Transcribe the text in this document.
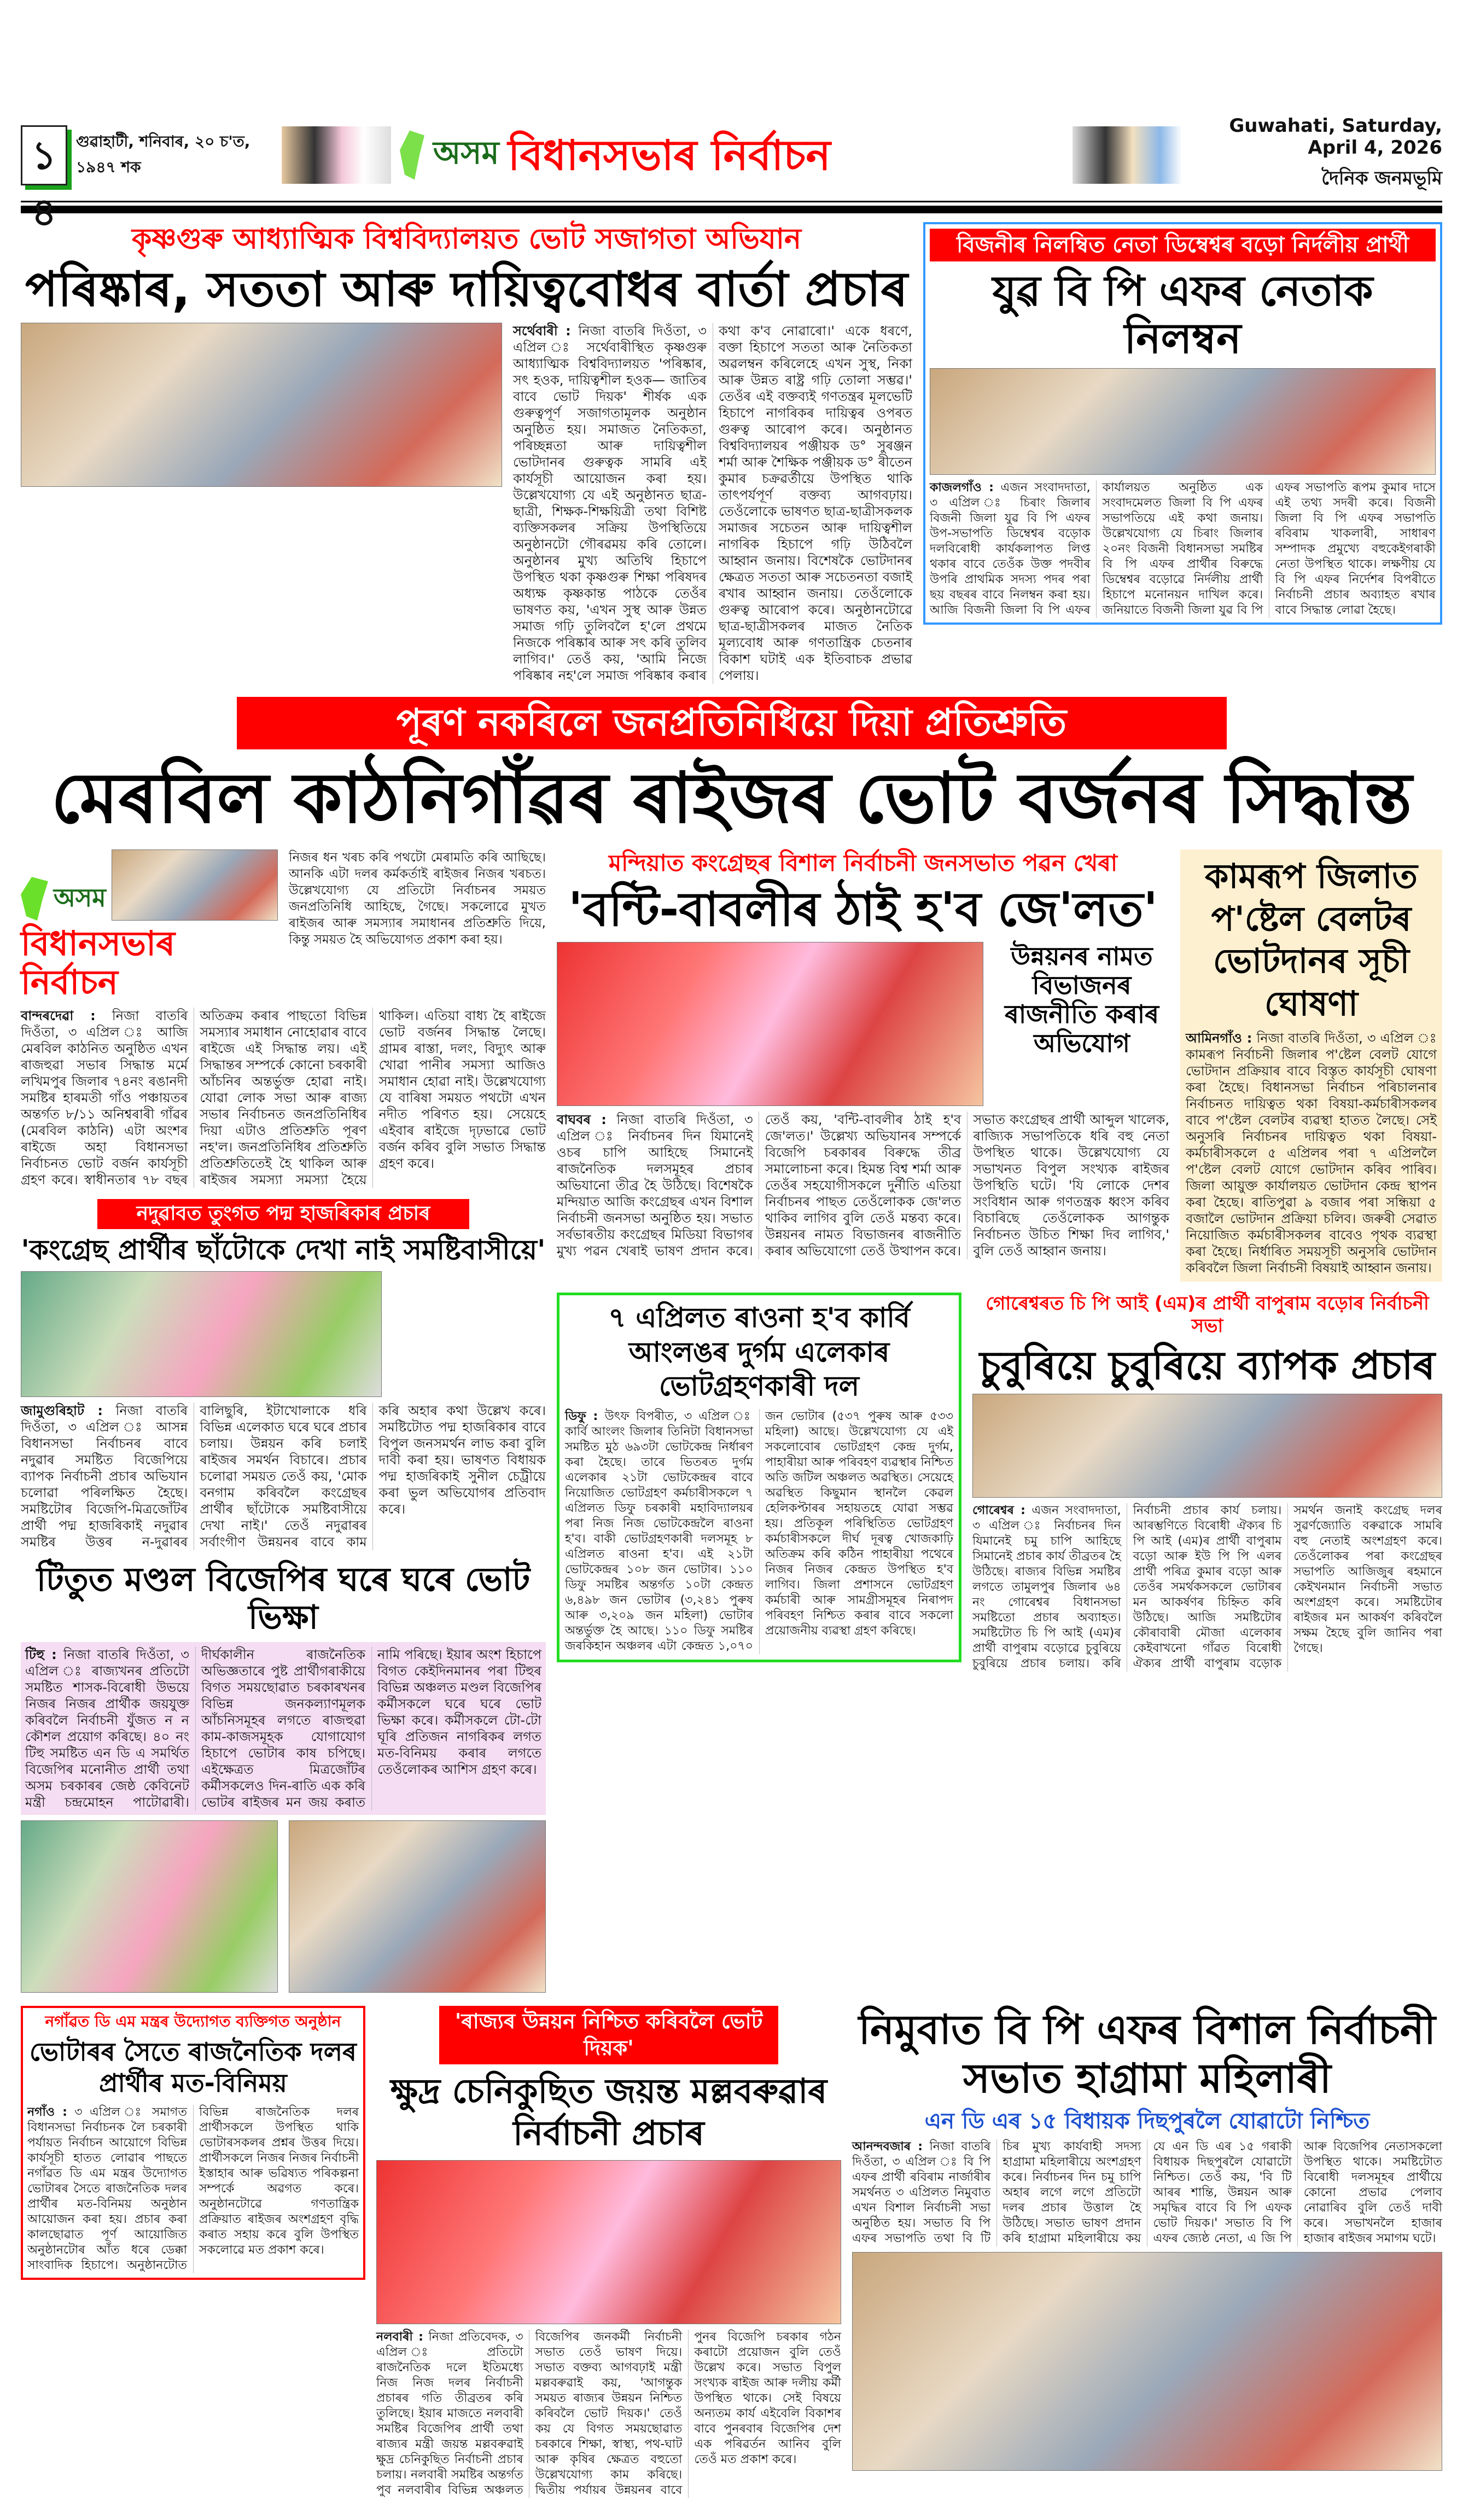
১৪
গুৱাহাটী, শনিবাৰ, ২০ চ'ত, ১৯৪৭ শক	অসম বিধানসভাৰ নিৰ্বাচন
Guwahati, Saturday, April 4, 2026
দৈনিক জনমভূমি
কৃষ্ণগুৰু আধ্যাত্মিক বিশ্ববিদ্যালয়ত ভোট সজাগতা অভিযান
পৰিষ্কাৰ, সততা আৰু দায়িত্ববোধৰ বাৰ্তা প্ৰচাৰ
সৰ্থেবাৰী : নিজা বাতৰি দিওঁতা, ৩ এপ্ৰিল ঃ সৰ্থেবাৰীস্থিত কৃষ্ণগুৰু আধ্যাত্মিক বিশ্ববিদ্যালয়ত 'পৰিষ্কাৰ, সৎ হওক, দায়িত্বশীল হওক— জাতিৰ বাবে ভোট দিয়ক' শীৰ্ষক এক গুৰুত্বপূৰ্ণ সজাগতামূলক অনুষ্ঠান অনুষ্ঠিত হয়। সমাজত নৈতিকতা, পৰিচ্ছন্নতা আৰু দায়িত্বশীল ভোটদানৰ গুৰুত্বক সামৰি এই কাৰ্যসূচী আয়োজন কৰা হয়। উল্লেখযোগ্য যে এই অনুষ্ঠানত ছাত্ৰ-ছাত্ৰী, শিক্ষক-শিক্ষয়িত্ৰী তথা বিশিষ্ট ব্যক্তিসকলৰ সক্ৰিয় উপস্থিতিয়ে অনুষ্ঠানটো গৌৰৱময় কৰি তোলে। অনুষ্ঠানৰ মুখ্য অতিথি হিচাপে উপস্থিত থকা কৃষ্ণগুৰু শিক্ষা পৰিষদৰ অধ্যক্ষ কৃষ্ণকান্ত পাঠকে তেওঁৰ ভাষণত কয়, 'এখন সুস্থ আৰু উন্নত সমাজ গঢ়ি তুলিবলৈ হ'লে প্ৰথমে নিজকে পৰিষ্কাৰ আৰু সৎ কৰি তুলিব লাগিব।' তেওঁ কয়, 'আমি নিজে পৰিষ্কাৰ নহ'লে সমাজ পৰিষ্কাৰ কৰাৰ কথা ক'ব নোৱাৰো।' একে ধৰণে, বক্তা হিচাপে সততা আৰু নৈতিকতা অৱলম্বন কৰিলেহে এখন সুস্থ, নিকা আৰু উন্নত ৰাষ্ট্ৰ গঢ়ি তোলা সম্ভৱ।' তেওঁৰ এই বক্তব্যই গণতন্ত্ৰৰ মূলভেটি হিচাপে নাগৰিকৰ দায়িত্বৰ ওপৰত গুৰুত্ব আৰোপ কৰে। অনুষ্ঠানত বিশ্ববিদ্যালয়ৰ পঞ্জীয়ক ড° সুৰঞ্জন শৰ্মা আৰু শৈক্ষিক পঞ্জীয়ক ড° ৰীতেন কুমাৰ চক্ৰৱৰ্তীয়ে উপস্থিত থাকি তাৎপৰ্যপূৰ্ণ বক্তব্য আগবঢ়ায়। তেওঁলোকে ভাষণত ছাত্ৰ-ছাত্ৰীসকলক সমাজৰ সচেতন আৰু দায়িত্বশীল নাগৰিক হিচাপে গঢ়ি উঠিবলৈ আহ্বান জনায়। বিশেষকৈ ভোটদানৰ ক্ষেত্ৰত সততা আৰু সচেতনতা বজাই ৰখাৰ আহ্বান জনায়। তেওঁলোকে গুৰুত্ব আৰোপ কৰে। অনুষ্ঠানটোৱে ছাত্ৰ-ছাত্ৰীসকলৰ মাজত নৈতিক মূল্যবোধ আৰু গণতান্ত্ৰিক চেতনাৰ বিকাশ ঘটাই এক ইতিবাচক প্ৰভাৱ পেলায়।
বিজনীৰ নিলম্বিত নেতা ডিম্বেশ্বৰ বড়ো নিৰ্দলীয় প্ৰাৰ্থী
যুৱ বি পি এফৰ নেতাক নিলম্বন
কাজলগাঁও : এজন সংবাদদাতা, ৩ এপ্ৰিল ঃ চিৰাং জিলাৰ বিজনী জিলা যুৱ বি পি এফৰ উপ-সভাপতি ডিম্বেশ্বৰ বড়োক দলবিৰোধী কাৰ্যকলাপত লিপ্ত থকাৰ বাবে তেওঁক উক্ত পদবীৰ উপৰি প্ৰাথমিক সদস্য পদৰ পৰা ছয় বছৰৰ বাবে নিলম্বন কৰা হয়। আজি বিজনী জিলা বি পি এফৰ কাৰ্যালয়ত অনুষ্ঠিত এক সংবাদমেলত জিলা বি পি এফৰ সভাপতিয়ে এই কথা জনায়। উল্লেখযোগ্য যে চিৰাং জিলাৰ ২০নং বিজনী বিধানসভা সমষ্টিৰ বি পি এফৰ প্ৰাৰ্থীৰ বিৰুদ্ধে ডিম্বেশ্বৰ বড়োৱে নিৰ্দলীয় প্ৰাৰ্থী হিচাপে মনোনয়ন দাখিল কৰে। জনিয়াতে বিজনী জিলা যুৱ বি পি এফৰ সভাপতি ৰূপম কুমাৰ দাসে এই তথ্য সদৰী কৰে। বিজনী জিলা বি পি এফৰ সভাপতি ৰবিৰাম খাকলাৰী, সাধাৰণ সম্পাদক প্ৰমুখ্যে বহুকেইগৰাকী নেতা উপস্থিত থাকে। লক্ষণীয় যে বি পি এফৰ নিৰ্দেশৰ বিপৰীতে নিৰ্বাচনী প্ৰচাৰ অব্যাহত ৰখাৰ বাবে সিদ্ধান্ত লোৱা হৈছে।
পূৰণ নকৰিলে জনপ্ৰতিনিধিয়ে দিয়া প্ৰতিশ্ৰুতি
মেৰবিল কাঠনিগাঁৱৰ ৰাইজৰ ভোট বৰ্জনৰ সিদ্ধান্ত
অসম
বিধানসভাৰ নিৰ্বাচন
নিজৰ ধন খৰচ কৰি পথটো মেৰামতি কৰি আছিছে। আনকি এটা দলৰ কৰ্মকৰ্তাই ৰাইজৰ নিজৰ খৰচত। উল্লেখযোগ্য যে প্ৰতিটো নিৰ্বাচনৰ সময়ত জনপ্ৰতিনিধি আহিছে, গৈছে। সকলোৱে মুখত ৰাইজৰ আৰু সমস্যাৰ সমাধানৰ প্ৰতিশ্ৰুতি দিয়ে, কিন্তু সময়ত হৈ অভিযোগত প্ৰকাশ কৰা হয়।
বান্দৰদেৱা : নিজা বাতৰি দিওঁতা, ৩ এপ্ৰিল ঃ আজি মেৰবিল কাঠনিত অনুষ্ঠিত এখন ৰাজহুৱা সভাৰ সিদ্ধান্ত মৰ্মে লখিমপুৰ জিলাৰ ৭৪নং ৰঙানদী সমষ্টিৰ হাৰমতী গাঁও পঞ্চায়তৰ অন্তৰ্গত ৮/১১ অনিশ্বৰাৰী গাঁৱৰ (মেৰবিল কাঠনি) এটা অংশৰ ৰাইজে অহা বিধানসভা নিৰ্বাচনত ভোট বৰ্জন কাৰ্যসূচী গ্ৰহণ কৰে। স্বাধীনতাৰ ৭৮ বছৰ অতিক্ৰম কৰাৰ পাছতো বিভিন্ন সমস্যাৰ সমাধান নোহোৱাৰ বাবে ৰাইজে এই সিদ্ধান্ত লয়। এই সিদ্ধান্তৰ সম্পৰ্কে কোনো চৰকাৰী আঁচনিৰ অন্তৰ্ভুক্ত হোৱা নাই। যোৱা লোক সভা আৰু ৰাজ্য সভাৰ নিৰ্বাচনত জনপ্ৰতিনিধিৰ দিয়া এটাও প্ৰতিশ্ৰুতি পূৰণ নহ'ল। জনপ্ৰতিনিধিৰ প্ৰতিশ্ৰুতি প্ৰতিশ্ৰুতিতেই হৈ থাকিল আৰু ৰাইজৰ সমস্যা সমস্যা হৈয়ে থাকিল। এতিয়া বাধ্য হৈ ৰাইজে ভোট বৰ্জনৰ সিদ্ধান্ত লৈছে। গ্ৰামৰ ৰাস্তা, দলং, বিদ্যুৎ আৰু খোৱা পানীৰ সমস্যা আজিও সমাধান হোৱা নাই। উল্লেখযোগ্য যে বাৰিষা সময়ত পথটো এখন নদীত পৰিণত হয়। সেয়েহে এইবাৰ ৰাইজে দৃঢ়ভাৱে ভোট বৰ্জন কৰিব বুলি সভাত সিদ্ধান্ত গ্ৰহণ কৰে।
নদুৱাবত তুংগত পদ্ম হাজৰিকাৰ প্ৰচাৰ
'কংগ্ৰেছ প্ৰাৰ্থীৰ ছাঁটোকে দেখা নাই সমষ্টিবাসীয়ে'
জামুগুৰিহাট : নিজা বাতৰি দিওঁতা, ৩ এপ্ৰিল ঃ আসন্ন বিধানসভা নিৰ্বাচনৰ বাবে নদুৱাৰ সমষ্টিত বিজেপিয়ে ব্যাপক নিৰ্বাচনী প্ৰচাৰ অভিযান চলোৱা পৰিলক্ষিত হৈছে। সমষ্টিটোৰ বিজেপি-মিত্ৰজোঁটৰ প্ৰাৰ্থী পদ্ম হাজৰিকাই নদুৱাৰ সমষ্টিৰ উত্তৰ ন-দুৱাৰৰ বালিছুৰি, ইটাখোলাকে ধৰি বিভিন্ন এলেকাত ঘৰে ঘৰে প্ৰচাৰ চলায়। উন্নয়ন কৰি চলাই ৰাইজৰ সমৰ্থন বিচাৰে। প্ৰচাৰ চলোৱা সময়ত তেওঁ কয়, 'মোক বনগাম কৰিবলৈ কংগ্ৰেছৰ প্ৰাৰ্থীৰ ছাঁটোকে সমষ্টিবাসীয়ে দেখা নাই।' তেওঁ নদুৱাৰৰ সৰ্বাংগীণ উন্নয়নৰ বাবে কাম কৰি অহাৰ কথা উল্লেখ কৰে। সমষ্টিটোত পদ্ম হাজৰিকাৰ বাবে বিপুল জনসমৰ্থন লাভ কৰা বুলি দাবী কৰা হয়। ভাষণত বিধায়ক পদ্ম হাজৰিকাই সুনীল চেট্ৰীয়ে কৰা ভুল অভিযোগৰ প্ৰতিবাদ কৰে।
টিতুত মণ্ডল বিজেপিৰ ঘৰে ঘৰে ভোট ভিক্ষা
টিহু : নিজা বাতৰি দিওঁতা, ৩ এপ্ৰিল ঃ ৰাজ্যখনৰ প্ৰতিটো সমষ্টিত শাসক-বিৰোধী উভয়ে নিজৰ নিজৰ প্ৰাৰ্থীক জয়যুক্ত কৰিবলৈ নিৰ্বাচনী যুঁজত ন ন কৌশল প্ৰয়োগ কৰিছে। ৪০ নং টিহু সমষ্টিত এন ডি এ সমৰ্থিত বিজেপিৰ মনোনীত প্ৰাৰ্থী তথা অসম চৰকাৰৰ জেষ্ঠ কেবিনেট মন্ত্ৰী চন্দ্ৰমোহন পাটোৱাৰী। দীৰ্ঘকালীন ৰাজনৈতিক অভিজ্ঞতাৰে পুষ্ট প্ৰাৰ্থীগৰাকীয়ে বিগত সময়ছোৱাত চৰকাৰখনৰ বিভিন্ন জনকল্যাণমূলক আঁচনিসমূহৰ লগতে ৰাজহুৱা কাম-কাজসমূহক যোগাযোগ হিচাপে ভোটাৰ কাষ চপিছে। এইক্ষেত্ৰত মিত্ৰজোঁটৰ কৰ্মীসকলেও দিন-ৰাতি এক কৰি ভোটৰ ৰাইজৰ মন জয় কৰাত নামি পৰিছে। ইয়াৰ অংশ হিচাপে বিগত কেইদিনমানৰ পৰা টিহুৰ বিভিন্ন অঞ্চলত মণ্ডল বিজেপিৰ কৰ্মীসকলে ঘৰে ঘৰে ভোট ভিক্ষা কৰে। কৰ্মীসকলে টো-টো ঘূৰি প্ৰতিজন নাগৰিকৰ লগত মত-বিনিময় কৰাৰ লগতে তেওঁলোকৰ আশিস গ্ৰহণ কৰে।
মন্দিয়াত কংগ্ৰেছৰ বিশাল নিৰ্বাচনী জনসভাত পৱন খেৰা
'বন্টি-বাবলীৰ ঠাই হ'ব জে'লত'
উন্নয়নৰ নামত বিভাজনৰ ৰাজনীতি কৰাৰ অভিযোগ
বাঘবৰ : নিজা বাতৰি দিওঁতা, ৩ এপ্ৰিল ঃ নিৰ্বাচনৰ দিন যিমানেই ওচৰ চাপি আহিছে সিমানেই ৰাজনৈতিক দলসমূহৰ প্ৰচাৰ অভিযানো তীব্ৰ হৈ উঠিছে। বিশেষকৈ মন্দিয়াত আজি কংগ্ৰেছৰ এখন বিশাল নিৰ্বাচনী জনসভা অনুষ্ঠিত হয়। সভাত সৰ্বভাৰতীয় কংগ্ৰেছৰ মিডিয়া বিভাগৰ মুখ্য পৱন খেৰাই ভাষণ প্ৰদান কৰে। তেওঁ কয়, 'বন্টি-বাবলীৰ ঠাই হ'ব জে'লত।' উল্লেখ্য অভিযানৰ সম্পৰ্কে বিজেপি চৰকাৰৰ বিৰুদ্ধে তীব্ৰ সমালোচনা কৰে। হিমন্ত বিশ্ব শৰ্মা আৰু তেওঁৰ সহযোগীসকলে দুৰ্নীতি এতিয়া নিৰ্বাচনৰ পাছত তেওঁলোকক জে'লত থাকিব লাগিব বুলি তেওঁ মন্তব্য কৰে। উন্নয়নৰ নামত বিভাজনৰ ৰাজনীতি কৰাৰ অভিযোগো তেওঁ উত্থাপন কৰে। সভাত কংগ্ৰেছৰ প্ৰাৰ্থী আব্দুল খালেক, ৰাজ্যিক সভাপতিকে ধৰি বহু নেতা উপস্থিত থাকে। উল্লেখযোগ্য যে সভাখনত বিপুল সংখ্যক ৰাইজৰ উপস্থিতি ঘটে। 'যি লোকে দেশৰ সংবিধান আৰু গণতন্ত্ৰক ধ্বংস কৰিব বিচাৰিছে তেওঁলোকক আগন্তুক নিৰ্বাচনত উচিত শিক্ষা দিব লাগিব,' বুলি তেওঁ আহ্বান জনায়।
কামৰূপ জিলাত প'ষ্টেল বেলটৰ ভোটদানৰ সূচী ঘোষণা
আমিনগাঁও : নিজা বাতৰি দিওঁতা, ৩ এপ্ৰিল ঃ কামৰূপ নিৰ্বাচনী জিলাৰ প'ষ্টেল বেলট যোগে ভোটদান প্ৰক্ৰিয়াৰ বাবে বিস্তৃত কাৰ্যসূচী ঘোষণা কৰা হৈছে। বিধানসভা নিৰ্বাচন পৰিচালনাৰ নিৰ্বাচনত দায়িত্বত থকা বিষয়া-কৰ্মচাৰীসকলৰ বাবে প'ষ্টেল বেলটৰ ব্যৱস্থা হাতত লৈছে। সেই অনুসৰি নিৰ্বাচনৰ দায়িত্বত থকা বিষয়া-কৰ্মচাৰীসকলে ৫ এপ্ৰিলৰ পৰা ৭ এপ্ৰিললৈ প'ষ্টেল বেলট যোগে ভোটদান কৰিব পাৰিব। জিলা আয়ুক্ত কাৰ্যালয়ত ভোটদান কেন্দ্ৰ স্থাপন কৰা হৈছে। ৰাতিপুৱা ৯ বজাৰ পৰা সন্ধিয়া ৫ বজালৈ ভোটদান প্ৰক্ৰিয়া চলিব। জৰুৰী সেৱাত নিয়োজিত কৰ্মচাৰীসকলৰ বাবেও পৃথক ব্যৱস্থা কৰা হৈছে। নিৰ্ধাৰিত সময়সূচী অনুসৰি ভোটদান কৰিবলৈ জিলা নিৰ্বাচনী বিষয়াই আহ্বান জনায়।
৭ এপ্ৰিলত ৰাওনা হ'ব কাৰ্বি আংলঙৰ দুৰ্গম এলেকাৰ ভোটগ্ৰহণকাৰী দল
ডিফু : উৎফ বিপৰীত, ৩ এপ্ৰিল ঃ কাৰ্বি আংলং জিলাৰ তিনিটা বিধানসভা সমষ্টিত মুঠ ৬৯৩টা ভোটকেন্দ্ৰ নিৰ্ধাৰণ কৰা হৈছে। তাৰে ভিতৰত দুৰ্গম এলেকাৰ ২১টা ভোটকেন্দ্ৰৰ বাবে নিয়োজিত ভোটগ্ৰহণ কৰ্মচাৰীসকলে ৭ এপ্ৰিলত ডিফু চৰকাৰী মহাবিদ্যালয়ৰ পৰা নিজ নিজ ভোটকেন্দ্ৰলৈ ৰাওনা হ'ব। বাকী ভোটগ্ৰহণকাৰী দলসমূহ ৮ এপ্ৰিলত ৰাওনা হ'ব। এই ২১টা ভোটকেন্দ্ৰৰ ১০৮ জন ভোটাৰ। ১১০ ডিফু সমষ্টিৰ অন্তৰ্গত ১০টা কেন্দ্ৰত ৬,৪৯৮ জন ভোটাৰ (৩,২৪১ পুৰুষ আৰু ৩,২০৯ জন মহিলা) ভোটাৰ অন্তৰ্ভুক্ত হৈ আছে। ১১০ ডিফু সমষ্টিৰ জৰকিহান অঞ্চলৰ এটা কেন্দ্ৰত ১,০৭০ জন ভোটাৰ (৫৩৭ পুৰুষ আৰু ৫৩৩ মহিলা) আছে। উল্লেখযোগ্য যে এই সকলোবোৰ ভোটগ্ৰহণ কেন্দ্ৰ দুৰ্গম, পাহাৰীয়া আৰু পৰিবহণ ব্যৱস্থাৰ নিশ্চিত অতি জটিল অঞ্চলত অৱস্থিত। সেয়েহে অৱস্থিত কিছুমান স্থানলৈ কেৱল হেলিকপ্টাৰৰ সহায়তহে যোৱা সম্ভৱ হয়। প্ৰতিকূল পৰিস্থিতিত ভোটগ্ৰহণ কৰ্মচাৰীসকলে দীৰ্ঘ দূৰত্ব খোজকাঢ়ি অতিক্ৰম কৰি কঠিন পাহাৰীয়া পথেৰে নিজৰ নিজৰ কেন্দ্ৰত উপস্থিত হ'ব লাগিব। জিলা প্ৰশাসনে ভোটগ্ৰহণ কৰ্মচাৰী আৰু সামগ্ৰীসমূহৰ নিৰাপদ পৰিবহণ নিশ্চিত কৰাৰ বাবে সকলো প্ৰয়োজনীয় ব্যৱস্থা গ্ৰহণ কৰিছে।
গোৰেশ্বৰত চি পি আই (এম)ৰ প্ৰাৰ্থী বাপুৰাম বড়োৰ নিৰ্বাচনী সভা
চুবুৰিয়ে চুবুৰিয়ে ব্যাপক প্ৰচাৰ
গোৰেশ্বৰ : এজন সংবাদদাতা, ৩ এপ্ৰিল ঃ নিৰ্বাচনৰ দিন যিমানেই চমু চাপি আহিছে সিমানেই প্ৰচাৰ কাৰ্য তীব্ৰতৰ হৈ উঠিছে। ৰাজ্যৰ বিভিন্ন সমষ্টিৰ লগতে তামুলপুৰ জিলাৰ ৬৪ নং গোৰেশ্বৰ বিধানসভা সমষ্টিতো প্ৰচাৰ অব্যাহত। সমষ্টিটোত চি পি আই (এম)ৰ প্ৰাৰ্থী বাপুৰাম বড়োৱে চুবুৰিয়ে চুবুৰিয়ে প্ৰচাৰ চলায়। কৰি নিৰ্বাচনী প্ৰচাৰ কাৰ্য চলায়। আৰম্ভণিতে বিৰোধী ঐক্যৰ চি পি আই (এম)ৰ প্ৰাৰ্থী বাপুৰাম বড়ো আৰু ইউ পি পি এলৰ প্ৰাৰ্থী পৰিত্ৰ কুমাৰ বড়ো আৰু তেওঁৰ সমৰ্থকসকলে ভোটাৰৰ মন আকৰ্ষণৰ চিহ্নিত কৰি উঠিছে। আজি সমষ্টিটোৰ কৌৰাবাৰী মৌজা এলেকাৰ কেইবাখনো গাঁৱত বিৰোধী ঐক্যৰ প্ৰাৰ্থী বাপুৰাম বড়োক সমৰ্থন জনাই কংগ্ৰেছ দলৰ সুৱৰ্ণজ্যোতি বৰুৱাকে সামৰি বহু নেতাই অংশগ্ৰহণ কৰে। তেওঁলোকৰ পৰা কংগ্ৰেছৰ সভাপতি আজিজুৰ ৰহমানে কেইখনমান নিৰ্বাচনী সভাত অংশগ্ৰহণ কৰে। সমষ্টিটোৰ ৰাইজৰ মন আকৰ্ষণ কৰিবলৈ সক্ষম হৈছে বুলি জানিব পৰা গৈছে।
নগাঁৱত ডি এম মন্ত্ৰৰ উদ্যোগত ব্যক্তিগত অনুষ্ঠান
ভোটাৰৰ সৈতে ৰাজনৈতিক দলৰ প্ৰাৰ্থীৰ মত-বিনিময়
নগাঁও : ৩ এপ্ৰিল ঃ সমাগত বিধানসভা নিৰ্বাচনক লৈ চৰকাৰী পৰ্যায়ত নিৰ্বাচন আয়োগে বিভিন্ন কাৰ্যসূচী হাতত লোৱাৰ পাছতে নগাঁৱত ডি এম মন্ত্ৰৰ উদ্যোগত ভোটাৰৰ সৈতে ৰাজনৈতিক দলৰ প্ৰাৰ্থীৰ মত-বিনিময় অনুষ্ঠান আয়োজন কৰা হয়। প্ৰচাৰ কৰা কালছোৱাত পূৰ্ণ আয়োজিত অনুষ্ঠানটোৰ আঁত ধৰে ডেক্কা সাংবাদিক হিচাপে। অনুষ্ঠানটোত বিভিন্ন ৰাজনৈতিক দলৰ প্ৰাৰ্থীসকলে উপস্থিত থাকি ভোটাৰসকলৰ প্ৰশ্নৰ উত্তৰ দিয়ে। প্ৰাৰ্থীসকলে নিজৰ নিজৰ নিৰ্বাচনী ইস্তাহাৰ আৰু ভৱিষ্যত পৰিকল্পনা সম্পৰ্কে অৱগত কৰে। অনুষ্ঠানটোৱে গণতান্ত্ৰিক প্ৰক্ৰিয়াত ৰাইজৰ অংশগ্ৰহণ বৃদ্ধি কৰাত সহায় কৰে বুলি উপস্থিত সকলোৱে মত প্ৰকাশ কৰে।
'ৰাজ্যৰ উন্নয়ন নিশ্চিত কৰিবলৈ ভোট দিয়ক'
ক্ষুদ্ৰ চেনিকুছিত জয়ন্ত মল্লবৰুৱাৰ নিৰ্বাচনী প্ৰচাৰ
নলবাৰী : নিজা প্ৰতিবেদক, ৩ এপ্ৰিল ঃ প্ৰতিটো ৰাজনৈতিক দলে ইতিমধ্যে নিজ নিজ দলৰ নিৰ্বাচনী প্ৰচাৰৰ গতি তীব্ৰতৰ কৰি তুলিছে। ইয়াৰ মাজতে নলবাৰী সমষ্টিৰ বিজেপিৰ প্ৰাৰ্থী তথা ৰাজ্যৰ মন্ত্ৰী জয়ন্ত মল্লবৰুৱাই ক্ষুদ্ৰ চেনিকুছিত নিৰ্বাচনী প্ৰচাৰ চলায়। নলবাৰী সমষ্টিৰ অন্তৰ্গত পুব নলবাৰীৰ বিভিন্ন অঞ্চলত বিজেপিৰ জনকৰ্মী নিৰ্বাচনী সভাত তেওঁ ভাষণ দিয়ে। সভাত বক্তব্য আগবঢ়াই মন্ত্ৰী মল্লবৰুৱাই কয়, 'আগন্তুক সময়ত ৰাজ্যৰ উন্নয়ন নিশ্চিত কৰিবলৈ ভোট দিয়ক।' তেওঁ কয় যে বিগত সময়ছোৱাত চৰকাৰে শিক্ষা, স্বাস্থ্য, পথ-ঘাট আৰু কৃষিৰ ক্ষেত্ৰত বহুতো উল্লেখযোগ্য কাম কৰিছে। দ্বিতীয় পৰ্যায়ৰ উন্নয়নৰ বাবে পুনৰ বিজেপি চৰকাৰ গঠন কৰাটো প্ৰয়োজন বুলি তেওঁ উল্লেখ কৰে। সভাত বিপুল সংখ্যক ৰাইজ আৰু দলীয় কৰ্মী উপস্থিত থাকে। সেই বিষয়ে অন্যতম কাৰ্য এইবেলি বিকাশৰ বাবে পুনৰবাৰ বিজেপিৰ দেশ এক পৰিৱৰ্তন আনিব বুলি তেওঁ মত প্ৰকাশ কৰে।
নিমুবাত বি পি এফৰ বিশাল নিৰ্বাচনী সভাত হাগ্ৰামা মহিলাৰী
এন ডি এৰ ১৫ বিধায়ক দিছপুৰলৈ যোৱাটো নিশ্চিত
আনন্দবজাৰ : নিজা বাতৰি দিওঁতা, ৩ এপ্ৰিল ঃ বি পি এফৰ প্ৰাৰ্থী ৰবিৰাম নাৰ্জাৰীৰ সমৰ্থনত ৩ এপ্ৰিলত নিমুবাত এখন বিশাল নিৰ্বাচনী সভা অনুষ্ঠিত হয়। সভাত বি পি এফৰ সভাপতি তথা বি টি চিৰ মুখ্য কাৰ্যবাহী সদস্য হাগ্ৰামা মহিলাৰীয়ে অংশগ্ৰহণ কৰে। নিৰ্বাচনৰ দিন চমু চাপি অহাৰ লগে লগে প্ৰতিটো দলৰ প্ৰচাৰ উত্তাল হৈ উঠিছে। সভাত ভাষণ প্ৰদান কৰি হাগ্ৰামা মহিলাৰীয়ে কয় যে এন ডি এৰ ১৫ গৰাকী বিধায়ক দিছপুৰলৈ যোৱাটো নিশ্চিত। তেওঁ কয়, 'বি টি আৰৰ শান্তি, উন্নয়ন আৰু সমৃদ্ধিৰ বাবে বি পি এফক ভোট দিয়ক।' সভাত বি পি এফৰ জ্যেষ্ঠ নেতা, এ জি পি আৰু বিজেপিৰ নেতাসকলো উপস্থিত থাকে। সমষ্টিটোত বিৰোধী দলসমূহৰ প্ৰাৰ্থীয়ে কোনো প্ৰভাৱ পেলাব নোৱাৰিব বুলি তেওঁ দাবী কৰে। সভাখনলৈ হাজাৰ হাজাৰ ৰাইজৰ সমাগম ঘটে।
